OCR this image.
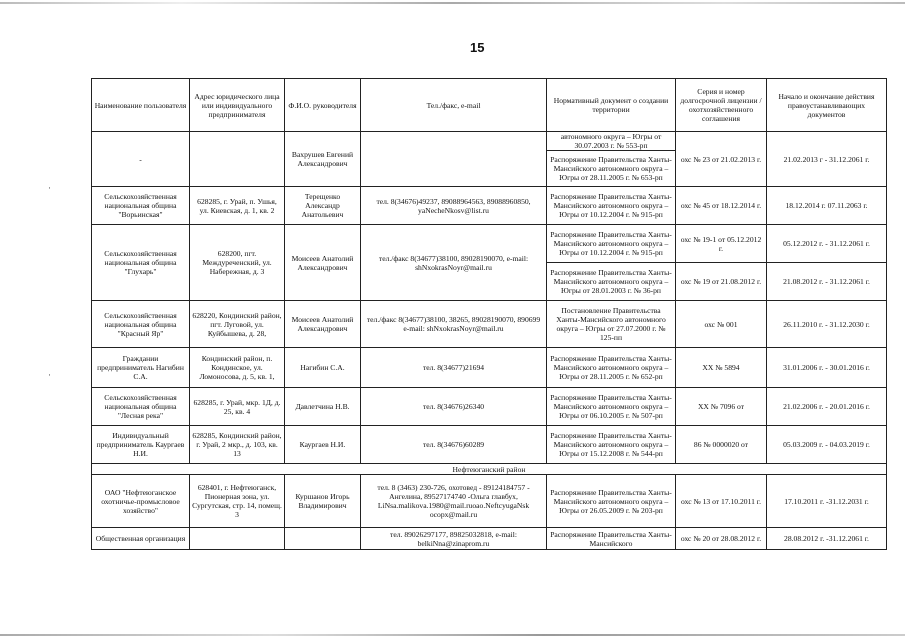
15
·
·
Наименование пользователя	Адрес юридического лица или индивидуального предпринимателя	Ф.И.О. руководителя	Тел./факс, e-mail	Нормативный документ о создании территории	Серия и номер долгосрочной лицензии /охотхозяйственного соглашения	Начало и окончание действия правоустанавливающих документов
-		Вахрушев Евгений Александрович		автономного округа – Югры от 30.07.2003 г. № 553-рп	охс № 23 от 21.02.2013 г.	21.02.2013 г - 31.12.2061 г.
				Распоряжение Правительства Ханты-Мансийского автономного округа – Югры от 28.11.2005 г. № 653-рп		
Сельскохозяйственная национальная община "Ворьинская"	628285, г. Урай, п. Ушья, ул. Киевская, д. 1, кв. 2	Терещенко Александр Анатольевич	тел. 8(34676)49237, 89088964563, 89088960850, yaNecheNkosv@list.ru	Распоряжение Правительства Ханты-Мансийского автономного округа – Югры от 10.12.2004 г. № 915-рп	охс № 45 от 18.12.2014 г.	18.12.2014 г. 07.11.2063 г.
Сельскохозяйственная национальная община "Глухарь"	628200, пгт. Междуреченский, ул. Набережная, д. 3	Моисеев Анатолий Александрович	тел./факс 8(34677)38100, 89028190070, e-mail: shNxokrasNoyr@mail.ru	Распоряжение Правительства Ханты-Мансийского автономного округа – Югры от 10.12.2004 г. № 915-рп	охс № 19-1 от 05.12.2012 г.	05.12.2012 г. - 31.12.2061 г.
				Распоряжение Правительства Ханты-Мансийского автономного округа – Югры от 28.01.2003 г. № 36-рп	охс № 19 от 21.08.2012 г.	21.08.2012 г. - 31.12.2061 г.
Сельскохозяйственная национальная община "Красный Яр"	628220, Кондинский район, пгт. Луговой, ул. Куйбышева, д. 28,	Моисеев Анатолий Александрович	тел./факс 8(34677)38100, 38265, 89028190070, 890699 e-mail: shNxokrasNoyr@mail.ru	Постановление Правительства Ханты-Мансийского автономного округа – Югры от 27.07.2000 г. № 125-пп	охс № 001	26.11.2010 г. - 31.12.2030 г.
Граждании предприниматель Нагибин С.А.	Кондинский район, п. Кондинское, ул. Ломоносова, д. 5, кв. 1,	Нагибин С.А.	тел. 8(34677)21694	Распоряжение Правительства Ханты-Мансийского автономного округа – Югры от 28.11.2005 г. № 652-рп	ХХ № 5894	31.01.2006 г. - 30.01.2016 г.
Сельскохозяйственная национальная община "Лесная река"	628285, г. Урай, мкр. 1Д, д. 25, кв. 4	Давлетчина Н.В.	тел. 8(34676)26340	Распоряжение Правительства Ханты-Мансийского автономного округа – Югры от 06.10.2005 г. № 507-рп	ХХ № 7096 от	21.02.2006 г. - 20.01.2016 г.
Индивидуальный предприниматель Каургаев Н.И.	628285, Кондинский район, г. Урай, 2 мкр., д. 103, кв. 13	Каургаев Н.И.	тел. 8(34676)60289	Распоряжение Правительства Ханты-Мансийского автономного округа – Югры от 15.12.2008 г. № 544-рп	86 № 0000020 от	05.03.2009 г. - 04.03.2019 г.
Нефтеюганский район						
ОАО "Нефтеюганское охотничье-промысловое хозяйство"	628401, г. Нефтеюганск, Пионерная зона, ул. Сургутская, стр. 14, помещ. 3	Куршанов Игорь Владимирович	тел. 8 (3463) 230-726, охотовед - 89124184757 - Ангелина, 89527174740 -Ольга главбух, LiNsa.malikova.1980@mail.ruoao.NeftcyugaNsk ocopx@mail.ru	Распоряжение Правительства Ханты-Мансийского автономного округа – Югры от 26.05.2009 г. № 203-рп	охс № 13 от 17.10.2011 г.	17.10.2011 г. -31.12.2031 г.
Общественная организация			тел. 89026297177, 89825032818, e-mail: belkiNna@zinaprom.ru	Распоряжение Правительства Ханты-Мансийского	охс № 20 от 28.08.2012 г.	28.08.2012 г. -31.12.2061 г.
